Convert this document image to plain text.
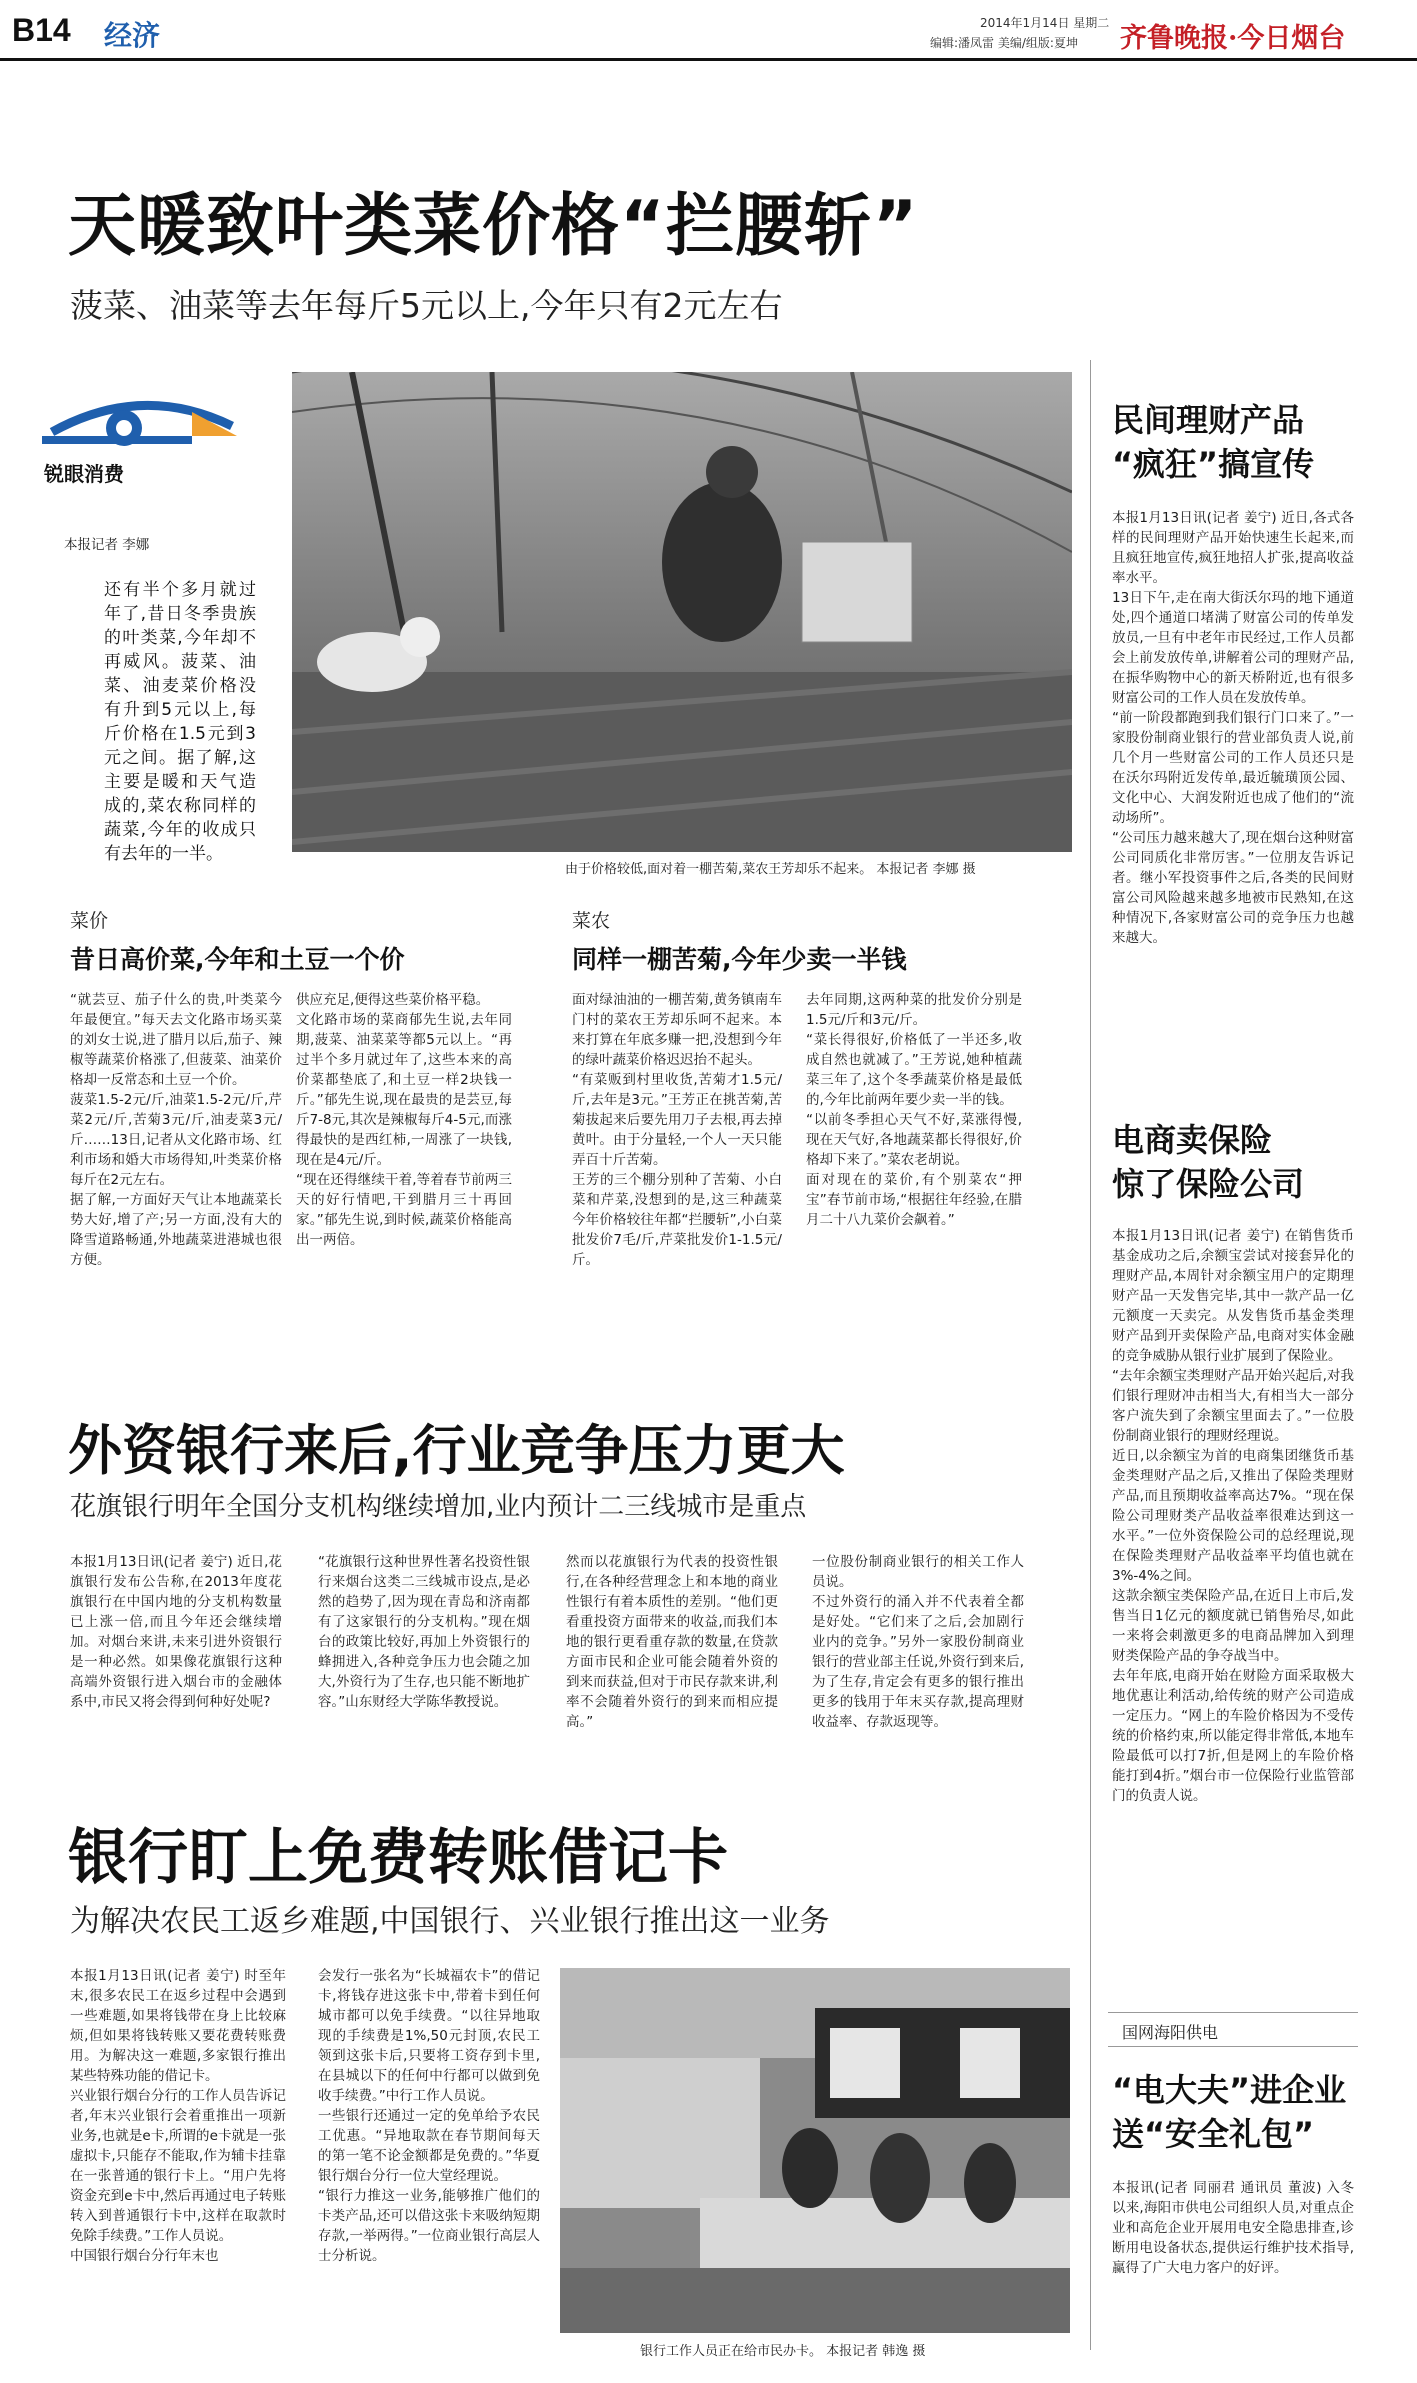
B14 经济	2014年1月14日 星期二
编辑:潘凤雷 美编/组版:夏坤 齐鲁晚报·今日烟台
天暖致叶类菜价格“拦腰斩”
菠菜、油菜等去年每斤5元以上,今年只有2元左右
锐眼消费
本报记者 李娜
还有半个多月就过年了,昔日冬季贵族的叶类菜,今年却不再威风。菠菜、油菜、油麦菜价格没有升到5元以上,每斤价格在1.5元到3元之间。据了解,这主要是暖和天气造成的,菜农称同样的蔬菜,今年的收成只有去年的一半。
由于价格较低,面对着一棚苦菊,菜农王芳却乐不起来。 本报记者 李娜 摄
菜价
昔日高价菜,今年和土豆一个价
“就芸豆、茄子什么的贵,叶类菜今年最便宜。”每天去文化路市场买菜的刘女士说,进了腊月以后,茄子、辣椒等蔬菜价格涨了,但菠菜、油菜价格却一反常态和土豆一个价。
菠菜1.5-2元/斤,油菜1.5-2元/斤,芹菜2元/斤,苦菊3元/斤,油麦菜3元/斤……13日,记者从文化路市场、红利市场和婚大市场得知,叶类菜价格每斤在2元左右。
据了解,一方面好天气让本地蔬菜长势大好,增了产;另一方面,没有大的降雪道路畅通,外地蔬菜进港城也很方便。
供应充足,便得这些菜价格平稳。
文化路市场的菜商郁先生说,去年同期,菠菜、油菜菜等都5元以上。“再过半个多月就过年了,这些本来的高价菜都垫底了,和土豆一样2块钱一斤。”郁先生说,现在最贵的是芸豆,每斤7-8元,其次是辣椒每斤4-5元,而涨得最快的是西红柿,一周涨了一块钱,现在是4元/斤。
“现在还得继续干着,等着春节前两三天的好行情吧,干到腊月三十再回家。”郁先生说,到时候,蔬菜价格能高出一两倍。
菜农
同样一棚苦菊,今年少卖一半钱
面对绿油油的一棚苦菊,黄务镇南车门村的菜农王芳却乐呵不起来。本来打算在年底多赚一把,没想到今年的绿叶蔬菜价格迟迟抬不起头。
“有菜贩到村里收货,苦菊才1.5元/斤,去年是3元。”王芳正在挑苦菊,苦菊拔起来后要先用刀子去根,再去掉黄叶。由于分量轻,一个人一天只能弄百十斤苦菊。
王芳的三个棚分别种了苦菊、小白菜和芹菜,没想到的是,这三种蔬菜今年价格较往年都“拦腰斩”,小白菜批发价7毛/斤,芹菜批发价1-1.5元/斤。
去年同期,这两种菜的批发价分别是1.5元/斤和3元/斤。
“菜长得很好,价格低了一半还多,收成自然也就减了。”王芳说,她种植蔬菜三年了,这个冬季蔬菜价格是最低的,今年比前两年要少卖一半的钱。
“以前冬季担心天气不好,菜涨得慢,现在天气好,各地蔬菜都长得很好,价格却下来了。”菜农老胡说。
面对现在的菜价,有个别菜农“押宝”春节前市场,“根据往年经验,在腊月二十八九菜价会飙着。”
民间理财产品
“疯狂”搞宣传
本报1月13日讯(记者 姜宁) 近日,各式各样的民间理财产品开始快速生长起来,而且疯狂地宣传,疯狂地招人扩张,提高收益率水平。
13日下午,走在南大街沃尔玛的地下通道处,四个通道口堵满了财富公司的传单发放员,一旦有中老年市民经过,工作人员都会上前发放传单,讲解着公司的理财产品,在振华购物中心的新天桥附近,也有很多财富公司的工作人员在发放传单。
“前一阶段都跑到我们银行门口来了。”一家股份制商业银行的营业部负责人说,前几个月一些财富公司的工作人员还只是在沃尔玛附近发传单,最近毓璜顶公园、文化中心、大润发附近也成了他们的“流动场所”。
“公司压力越来越大了,现在烟台这种财富公司同质化非常厉害。”一位朋友告诉记者。继小军投资事件之后,各类的民间财富公司风险越来越多地被市民熟知,在这种情况下,各家财富公司的竞争压力也越来越大。
电商卖保险
惊了保险公司
本报1月13日讯(记者 姜宁) 在销售货币基金成功之后,余额宝尝试对接套异化的理财产品,本周针对余额宝用户的定期理财产品一天发售完毕,其中一款产品一亿元额度一天卖完。从发售货币基金类理财产品到开卖保险产品,电商对实体金融的竞争威胁从银行业扩展到了保险业。
“去年余额宝类理财产品开始兴起后,对我们银行理财冲击相当大,有相当大一部分客户流失到了余额宝里面去了。”一位股份制商业银行的理财经理说。
近日,以余额宝为首的电商集团继货币基金类理财产品之后,又推出了保险类理财产品,而且预期收益率高达7%。“现在保险公司理财类产品收益率很难达到这一水平。”一位外资保险公司的总经理说,现在保险类理财产品收益率平均值也就在3%-4%之间。
这款余额宝类保险产品,在近日上市后,发售当日1亿元的额度就已销售殆尽,如此一来将会刺激更多的电商品牌加入到理财类保险产品的争夺战当中。
去年年底,电商开始在财险方面采取极大地优惠让利活动,给传统的财产公司造成一定压力。“网上的车险价格因为不受传统的价格约束,所以能定得非常低,本地车险最低可以打7折,但是网上的车险价格能打到4折。”烟台市一位保险行业监管部门的负责人说。
国网海阳供电
“电大夫”进企业
送“安全礼包”
本报讯(记者 同丽君 通讯员 董波) 入冬以来,海阳市供电公司组织人员,对重点企业和高危企业开展用电安全隐患排查,诊断用电设备状态,提供运行维护技术指导,赢得了广大电力客户的好评。
外资银行来后,行业竞争压力更大
花旗银行明年全国分支机构继续增加,业内预计二三线城市是重点
本报1月13日讯(记者 姜宁) 近日,花旗银行发布公告称,在2013年度花旗银行在中国内地的分支机构数量已上涨一倍,而且今年还会继续增加。对烟台来讲,未来引进外资银行是一种必然。如果像花旗银行这种高端外资银行进入烟台市的金融体系中,市民又将会得到何种好处呢?
“花旗银行这种世界性著名投资性银行来烟台这类二三线城市设点,是必然的趋势了,因为现在青岛和济南都有了这家银行的分支机构。”现在烟台的政策比较好,再加上外资银行的蜂拥进入,各种竞争压力也会随之加大,外资行为了生存,也只能不断地扩容。”山东财经大学陈华教授说。
然而以花旗银行为代表的投资性银行,在各种经营理念上和本地的商业性银行有着本质性的差别。“他们更看重投资方面带来的收益,而我们本地的银行更看重存款的数量,在贷款方面市民和企业可能会随着外资的到来而获益,但对于市民存款来讲,利率不会随着外资行的到来而相应提高。”
一位股份制商业银行的相关工作人员说。
不过外资行的涌入并不代表着全都是好处。“它们来了之后,会加剧行业内的竞争。”另外一家股份制商业银行的营业部主任说,外资行到来后,为了生存,肯定会有更多的银行推出更多的钱用于年末买存款,提高理财收益率、存款返现等。
银行盯上免费转账借记卡
为解决农民工返乡难题,中国银行、兴业银行推出这一业务
本报1月13日讯(记者 姜宁) 时至年末,很多农民工在返乡过程中会遇到一些难题,如果将钱带在身上比较麻烦,但如果将钱转账又要花费转账费用。为解决这一难题,多家银行推出某些特殊功能的借记卡。
兴业银行烟台分行的工作人员告诉记者,年末兴业银行会着重推出一项新业务,也就是e卡,所谓的e卡就是一张虚拟卡,只能存不能取,作为辅卡挂靠在一张普通的银行卡上。“用户先将资金充到e卡中,然后再通过电子转账转入到普通银行卡中,这样在取款时免除手续费。”工作人员说。
中国银行烟台分行年末也
会发行一张名为“长城福农卡”的借记卡,将钱存进这张卡中,带着卡到任何城市都可以免手续费。“以往异地取现的手续费是1%,50元封顶,农民工领到这张卡后,只要将工资存到卡里,在县城以下的任何中行都可以做到免收手续费。”中行工作人员说。
一些银行还通过一定的免单给予农民工优惠。“异地取款在春节期间每天的第一笔不论金额都是免费的。”华夏银行烟台分行一位大堂经理说。
“银行力推这一业务,能够推广他们的卡类产品,还可以借这张卡来吸纳短期存款,一举两得。”一位商业银行高层人士分析说。
银行工作人员正在给市民办卡。 本报记者 韩逸 摄
